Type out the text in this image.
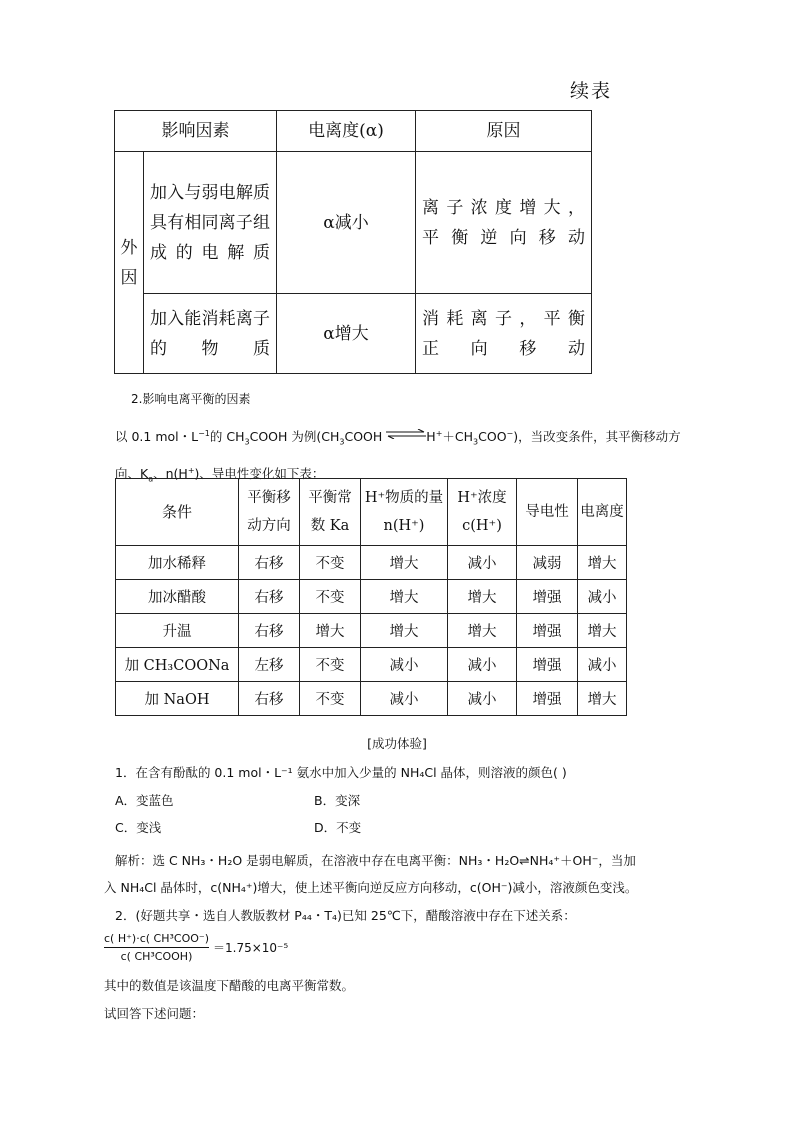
续表
影响因素		电离度(α)	原因
外因	加入与弱电解质具有相同离子组成的电解质	α减小	离子浓度增大，
平衡逆向移动
	加入能消耗离子的物质	α增大	消耗离子，平衡
正向移动
2.影响电离平衡的因素
以 0.1 mol・$L^{-1}$的 $CH_3COOH$ 为例($CH_3COOH$ $\rightleftharpoons H^++CH_3COO^-$)，当改变条件，其平衡移动方
向、$K_a$、n(H+)、导电性变化如下表：
条件	平衡移动方向	平衡常数 Ka	H⁺物质的量 n(H⁺)	H⁺浓度 c(H⁺)	导电性	电离度
加水稀释	右移	不变	增大	减小	减弱	增大
加冰醋酸	右移	不变	增大	增大	增强	减小
升温	右移	增大	增大	增大	增强	增大
加 CH₃COONa	左移	不变	减小	减小	增强	减小
加 NaOH	右移	不变	减小	减小	增强	增大
[成功体验]
1．在含有酚酞的 0.1 mol・L⁻¹ 氨水中加入少量的 NH₄Cl 晶体，则溶液的颜色( )
A．变蓝色	B．变深
C．变浅	D．不变
解析：选 C NH₃・H₂O 是弱电解质，在溶液中存在电离平衡：NH₃・H₂O⇌NH₄⁺＋OH⁻，当加
入 NH₄Cl 晶体时，c(NH₄⁺)增大，使上述平衡向逆反应方向移动，c(OH⁻)减小，溶液颜色变浅。
2．(好题共享・选自人教版教材 P₄₄・T₄)已知 25℃下，醋酸溶液中存在下述关系：
$\frac{\text{c( H⁺)·c( CH³COO⁻)}}{\text{c( CH³COOH)}} =1.75\times 10^{-5}$
其中的数值是该温度下醋酸的电离平衡常数。
试回答下述问题：
